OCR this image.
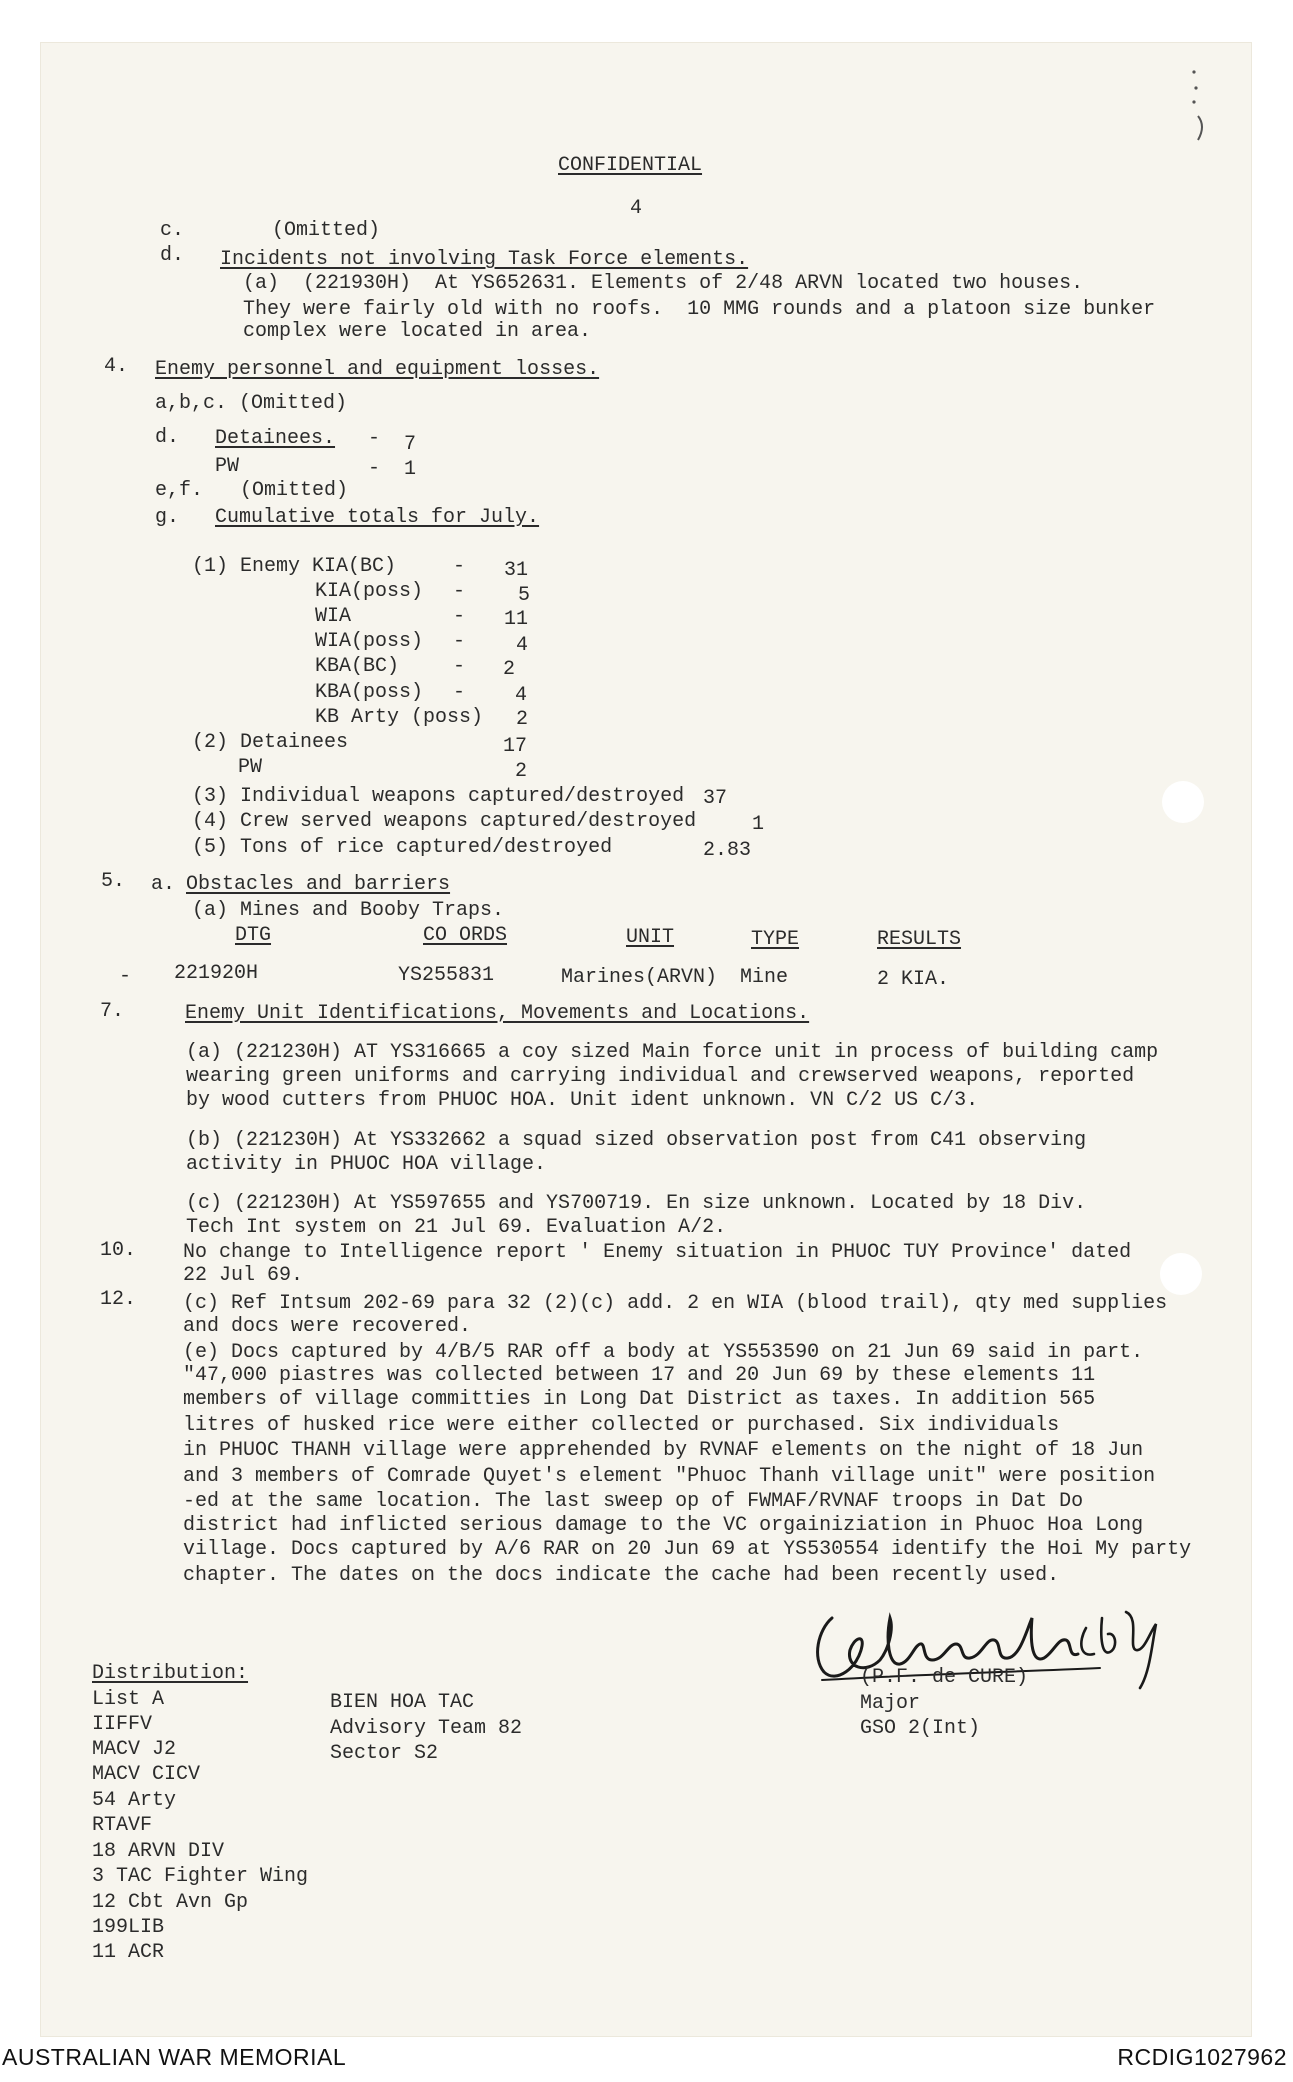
CONFIDENTIAL
4
c.	(Omitted)
d. Incidents not involving Task Force elements.
(a)  (221930H)  At YS652631. Elements of 2/48 ARVN located two houses.
They were fairly old with no roofs.  10 MMG rounds and a platoon size bunker
complex were located in area.
4. Enemy personnel and equipment losses.
a,b,c. (Omitted)
d. Detainees. - 7
PW	- 1
e,f. (Omitted)
g. Cumulative totals for July.
(1) Enemy KIA(BC)	- 31
KIA(poss) -	5
WIA	- 11
WIA(poss) -	4
KBA(BC)	- 2
KBA(poss) - 4
KB Arty (poss) 2
(2) Detainees	17
PW	2
(3) Individual weapons captured/destroyed 37
(4) Crew served weapons captured/destroyed	1
(5) Tons of rice captured/destroyed	2.83
5. a. Obstacles and barriers
(a) Mines and Booby Traps.
DTG	CO ORDS	UNIT	TYPE	RESULTS
- 221920H	YS255831	Marines(ARVN) Mine	2 KIA.
7.	Enemy Unit Identifications, Movements and Locations.
(a) (221230H) AT YS316665 a coy sized Main force unit in process of building camp
wearing green uniforms and carrying individual and crewserved weapons, reported
by wood cutters from PHUOC HOA. Unit ident unknown. VN C/2 US C/3.
(b) (221230H) At YS332662 a squad sized observation post from C41 observing
activity in PHUOC HOA village.
(c) (221230H) At YS597655 and YS700719. En size unknown. Located by 18 Div.
Tech Int system on 21 Jul 69. Evaluation A/2.
10. No change to Intelligence report ' Enemy situation in PHUOC TUY Province' dated
22 Jul 69.
12. (c) Ref Intsum 202-69 para 32 (2)(c) add. 2 en WIA (blood trail), qty med supplies
and docs were recovered.
(e) Docs captured by 4/B/5 RAR off a body at YS553590 on 21 Jun 69 said in part.
"47,000 piastres was collected between 17 and 20 Jun 69 by these elements 11
members of village committies in Long Dat District as taxes. In addition 565
litres of husked rice were either collected or purchased. Six individuals
in PHUOC THANH village were apprehended by RVNAF elements on the night of 18 Jun
and 3 members of Comrade Quyet's element "Phuoc Thanh village unit" were position
-ed at the same location. The last sweep op of FWMAF/RVNAF troops in Dat Do
district had inflicted serious damage to the VC orgainiziation in Phuoc Hoa Long
village. Docs captured by A/6 RAR on 20 Jun 69 at YS530554 identify the Hoi My party
chapter. The dates on the docs indicate the cache had been recently used.
(P.F. de CURE)
Major
GSO 2(Int)
Distribution:
List A
IIFFV
MACV J2
MACV CICV
54 Arty
RTAVF
18 ARVN DIV
3 TAC Fighter Wing
12 Cbt Avn Gp
199LIB
11 ACR
BIEN HOA TAC
Advisory Team 82
Sector S2
AUSTRALIAN WAR MEMORIAL	RCDIG1027962
